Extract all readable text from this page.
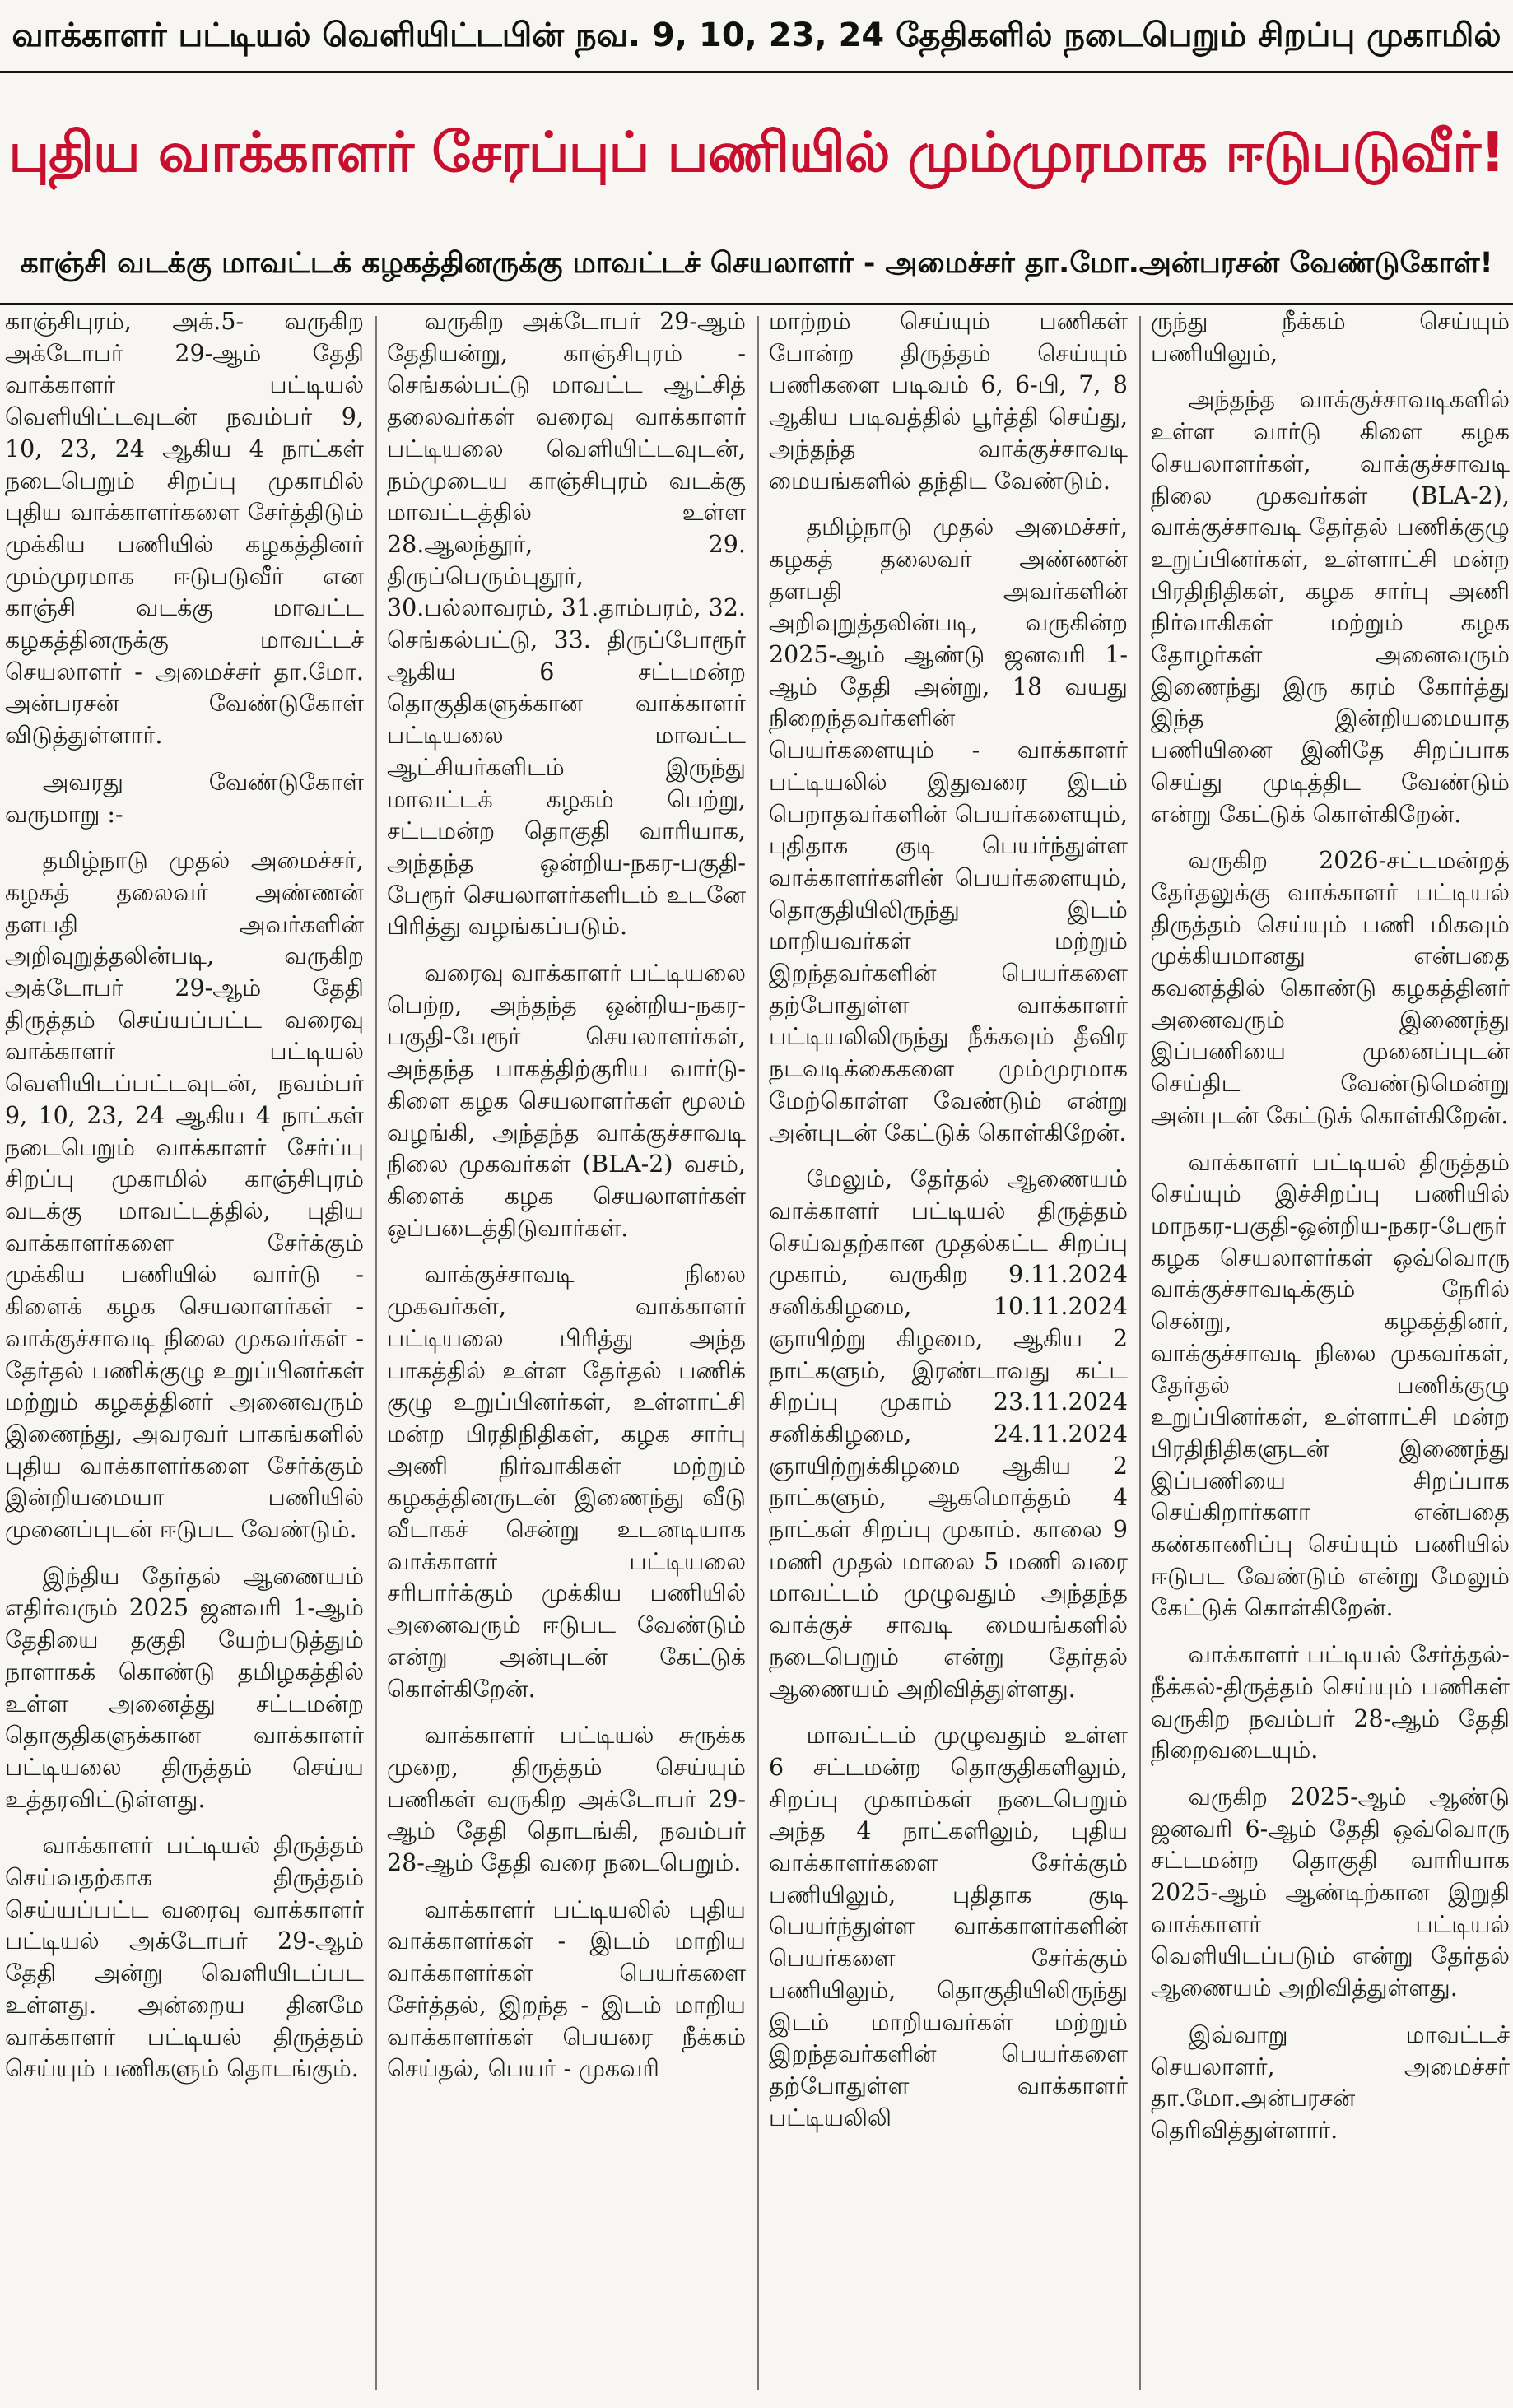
வாக்காளர் பட்டியல் வெளியிட்டபின் நவ. 9, 10, 23, 24 தேதிகளில் நடைபெறும் சிறப்பு முகாமில்
புதிய வாக்காளர் சேரப்புப் பணியில் மும்முரமாக ஈடுபடுவீர்!
காஞ்சி வடக்கு மாவட்டக் கழகத்தினருக்கு மாவட்டச் செயலாளர் - அமைச்சர் தா.மோ.அன்பரசன் வேண்டுகோள்!

காஞ்சிபுரம், அக்.5- வருகிற அக்டோபர் 29-ஆம் தேதி வாக்காளர் பட்டியல் வெளியிட்டவுடன் நவம்பர் 9, 10, 23, 24 ஆகிய 4 நாட்கள் நடைபெறும் சிறப்பு முகாமில் புதிய வாக்காளர்களை சேர்த்திடும் முக்கிய பணியில் கழகத்தினர் மும்முரமாக ஈடுபடுவீர் என காஞ்சி வடக்கு மாவட்ட கழகத்தினருக்கு மாவட்டச் செயலாளர் - அமைச்சர் தா.மோ. அன்பரசன் வேண்டுகோள் விடுத்துள்ளார்.

அவரது வேண்டுகோள் வருமாறு :-

தமிழ்நாடு முதல் அமைச்சர், கழகத் தலைவர் அண்ணன் தளபதி அவர்களின் அறிவுறுத்தலின்படி, வருகிற அக்டோபர் 29-ஆம் தேதி திருத்தம் செய்யப்பட்ட வரைவு வாக்காளர் பட்டியல் வெளியிடப்பட்டவுடன், நவம்பர் 9, 10, 23, 24 ஆகிய 4 நாட்கள் நடைபெறும் வாக்காளர் சேர்ப்பு சிறப்பு முகாமில் காஞ்சிபுரம் வடக்கு மாவட்டத்தில், புதிய வாக்காளர்களை சேர்க்கும் முக்கிய பணியில் வார்டு - கிளைக் கழக செயலாளர்கள் - வாக்குச்சாவடி நிலை முகவர்கள் - தேர்தல் பணிக்குழு உறுப்பினர்கள் மற்றும் கழகத்தினர் அனைவரும் இணைந்து, அவரவர் பாகங்களில் புதிய வாக்காளர்களை சேர்க்கும் இன்றியமையா பணியில் முனைப்புடன் ஈடுபட வேண்டும்.

இந்திய தேர்தல் ஆணையம் எதிர்வரும் 2025 ஜனவரி 1-ஆம் தேதியை தகுதி யேற்படுத்தும் நாளாகக் கொண்டு தமிழகத்தில் உள்ள அனைத்து சட்டமன்ற தொகுதிகளுக்கான வாக்காளர் பட்டியலை திருத்தம் செய்ய உத்தரவிட்டுள்ளது.

வாக்காளர் பட்டியல் திருத்தம் செய்வதற்காக திருத்தம் செய்யப்பட்ட வரைவு வாக்காளர் பட்டியல் அக்டோபர் 29-ஆம் தேதி அன்று வெளியிடப்பட உள்ளது. அன்றைய தினமே வாக்காளர் பட்டியல் திருத்தம் செய்யும் பணிகளும் தொடங்கும்.

வருகிற அக்டோபர் 29-ஆம் தேதியன்று, காஞ்சிபுரம் - செங்கல்பட்டு மாவட்ட ஆட்சித் தலைவர்கள் வரைவு வாக்காளர் பட்டியலை வெளியிட்டவுடன், நம்முடைய காஞ்சிபுரம் வடக்கு மாவட்டத்தில் உள்ள 28.ஆலந்தூர், 29. திருப்பெரும்புதூர், 30.பல்லாவரம், 31.தாம்பரம், 32. செங்கல்பட்டு, 33. திருப்போரூர் ஆகிய 6 சட்டமன்ற தொகுதிகளுக்கான வாக்காளர் பட்டியலை மாவட்ட ஆட்சியர்களிடம் இருந்து மாவட்டக் கழகம் பெற்று, சட்டமன்ற தொகுதி வாரியாக, அந்தந்த ஒன்றிய-நகர-பகுதி-பேரூர் செயலாளர்களிடம் உடனே பிரித்து வழங்கப்படும்.

வரைவு வாக்காளர் பட்டியலை பெற்ற, அந்தந்த ஒன்றிய-நகர-பகுதி-பேரூர் செயலாளர்கள், அந்தந்த பாகத்திற்குரிய வார்டு-கிளை கழக செயலாளர்கள் மூலம் வழங்கி, அந்தந்த வாக்குச்சாவடி நிலை முகவர்கள் (BLA-2) வசம், கிளைக் கழக செயலாளர்கள் ஒப்படைத்திடுவார்கள்.

வாக்குச்சாவடி நிலை முகவர்கள், வாக்காளர் பட்டியலை பிரித்து அந்த பாகத்தில் உள்ள தேர்தல் பணிக் குழு உறுப்பினர்கள், உள்ளாட்சி மன்ற பிரதிநிதிகள், கழக சார்பு அணி நிர்வாகிகள் மற்றும் கழகத்தினருடன் இணைந்து வீடு வீடாகச் சென்று உடனடியாக வாக்காளர் பட்டியலை சரிபார்க்கும் முக்கிய பணியில் அனைவரும் ஈடுபட வேண்டும் என்று அன்புடன் கேட்டுக் கொள்கிறேன்.

வாக்காளர் பட்டியல் சுருக்க முறை, திருத்தம் செய்யும் பணிகள் வருகிற அக்டோபர் 29-ஆம் தேதி தொடங்கி, நவம்பர் 28-ஆம் தேதி வரை நடைபெறும்.

வாக்காளர் பட்டியலில் புதிய வாக்காளர்கள் - இடம் மாறிய வாக்காளர்கள் பெயர்களை சேர்த்தல், இறந்த - இடம் மாறிய வாக்காளர்கள் பெயரை நீக்கம் செய்தல், பெயர் - முகவரி

மாற்றம் செய்யும் பணிகள் போன்ற திருத்தம் செய்யும் பணிகளை படிவம் 6, 6-பி, 7, 8 ஆகிய படிவத்தில் பூர்த்தி செய்து, அந்தந்த வாக்குச்சாவடி மையங்களில் தந்திட வேண்டும்.

தமிழ்நாடு முதல் அமைச்சர், கழகத் தலைவர் அண்ணன் தளபதி அவர்களின் அறிவுறுத்தலின்படி, வருகின்ற 2025-ஆம் ஆண்டு ஜனவரி 1-ஆம் தேதி அன்று, 18 வயது நிறைந்தவர்களின் பெயர்களையும் - வாக்காளர் பட்டியலில் இதுவரை இடம் பெறாதவர்களின் பெயர்களையும், புதிதாக குடி பெயர்ந்துள்ள வாக்காளர்களின் பெயர்களையும், தொகுதியிலிருந்து இடம் மாறியவர்கள் மற்றும் இறந்தவர்களின் பெயர்களை தற்போதுள்ள வாக்காளர் பட்டியலிலிருந்து நீக்கவும் தீவிர நடவடிக்கைகளை மும்முரமாக மேற்கொள்ள வேண்டும் என்று அன்புடன் கேட்டுக் கொள்கிறேன்.

மேலும், தேர்தல் ஆணையம் வாக்காளர் பட்டியல் திருத்தம் செய்வதற்கான முதல்கட்ட சிறப்பு முகாம், வருகிற 9.11.2024 சனிக்கிழமை, 10.11.2024 ஞாயிற்று கிழமை, ஆகிய 2 நாட்களும், இரண்டாவது கட்ட சிறப்பு முகாம் 23.11.2024 சனிக்கிழமை, 24.11.2024 ஞாயிற்றுக்கிழமை ஆகிய 2 நாட்களும், ஆகமொத்தம் 4 நாட்கள் சிறப்பு முகாம். காலை 9 மணி முதல் மாலை 5 மணி வரை மாவட்டம் முழுவதும் அந்தந்த வாக்குச் சாவடி மையங்களில் நடைபெறும் என்று தேர்தல் ஆணையம் அறிவித்துள்ளது.

மாவட்டம் முழுவதும் உள்ள 6 சட்டமன்ற தொகுதிகளிலும், சிறப்பு முகாம்கள் நடைபெறும் அந்த 4 நாட்களிலும், புதிய வாக்காளர்களை சேர்க்கும் பணியிலும், புதிதாக குடி பெயர்ந்துள்ள வாக்காளர்களின் பெயர்களை சேர்க்கும் பணியிலும், தொகுதியிலிருந்து இடம் மாறியவர்கள் மற்றும் இறந்தவர்களின் பெயர்களை தற்போதுள்ள வாக்காளர் பட்டியலிலி

ருந்து நீக்கம் செய்யும் பணியிலும்,

அந்தந்த வாக்குச்சாவடிகளில் உள்ள வார்டு கிளை கழக செயலாளர்கள், வாக்குச்சாவடி நிலை முகவர்கள் (BLA-2), வாக்குச்சாவடி தேர்தல் பணிக்குழு உறுப்பினர்கள், உள்ளாட்சி மன்ற பிரதிநிதிகள், கழக சார்பு அணி நிர்வாகிகள் மற்றும் கழக தோழர்கள் அனைவரும் இணைந்து இரு கரம் கோர்த்து இந்த இன்றியமையாத பணியினை இனிதே சிறப்பாக செய்து முடித்திட வேண்டும் என்று கேட்டுக் கொள்கிறேன்.

வருகிற 2026-சட்டமன்றத் தேர்தலுக்கு வாக்காளர் பட்டியல் திருத்தம் செய்யும் பணி மிகவும் முக்கியமானது என்பதை கவனத்தில் கொண்டு கழகத்தினர் அனைவரும் இணைந்து இப்பணியை முனைப்புடன் செய்திட வேண்டுமென்று அன்புடன் கேட்டுக் கொள்கிறேன்.

வாக்காளர் பட்டியல் திருத்தம் செய்யும் இச்சிறப்பு பணியில் மாநகர-பகுதி-ஒன்றிய-நகர-பேரூர் கழக செயலாளர்கள் ஒவ்வொரு வாக்குச்சாவடிக்கும் நேரில் சென்று, கழகத்தினர், வாக்குச்சாவடி நிலை முகவர்கள், தேர்தல் பணிக்குழு உறுப்பினர்கள், உள்ளாட்சி மன்ற பிரதிநிதிகளுடன் இணைந்து இப்பணியை சிறப்பாக செய்கிறார்களா என்பதை கண்காணிப்பு செய்யும் பணியில் ஈடுபட வேண்டும் என்று மேலும் கேட்டுக் கொள்கிறேன்.

வாக்காளர் பட்டியல் சேர்த்தல்-நீக்கல்-திருத்தம் செய்யும் பணிகள் வருகிற நவம்பர் 28-ஆம் தேதி நிறைவடையும்.

வருகிற 2025-ஆம் ஆண்டு ஜனவரி 6-ஆம் தேதி ஒவ்வொரு சட்டமன்ற தொகுதி வாரியாக 2025-ஆம் ஆண்டிற்கான இறுதி வாக்காளர் பட்டியல் வெளியிடப்படும் என்று தேர்தல் ஆணையம் அறிவித்துள்ளது.

இவ்வாறு மாவட்டச் செயலாளர், அமைச்சர் தா.மோ.அன்பரசன் தெரிவித்துள்ளார்.
